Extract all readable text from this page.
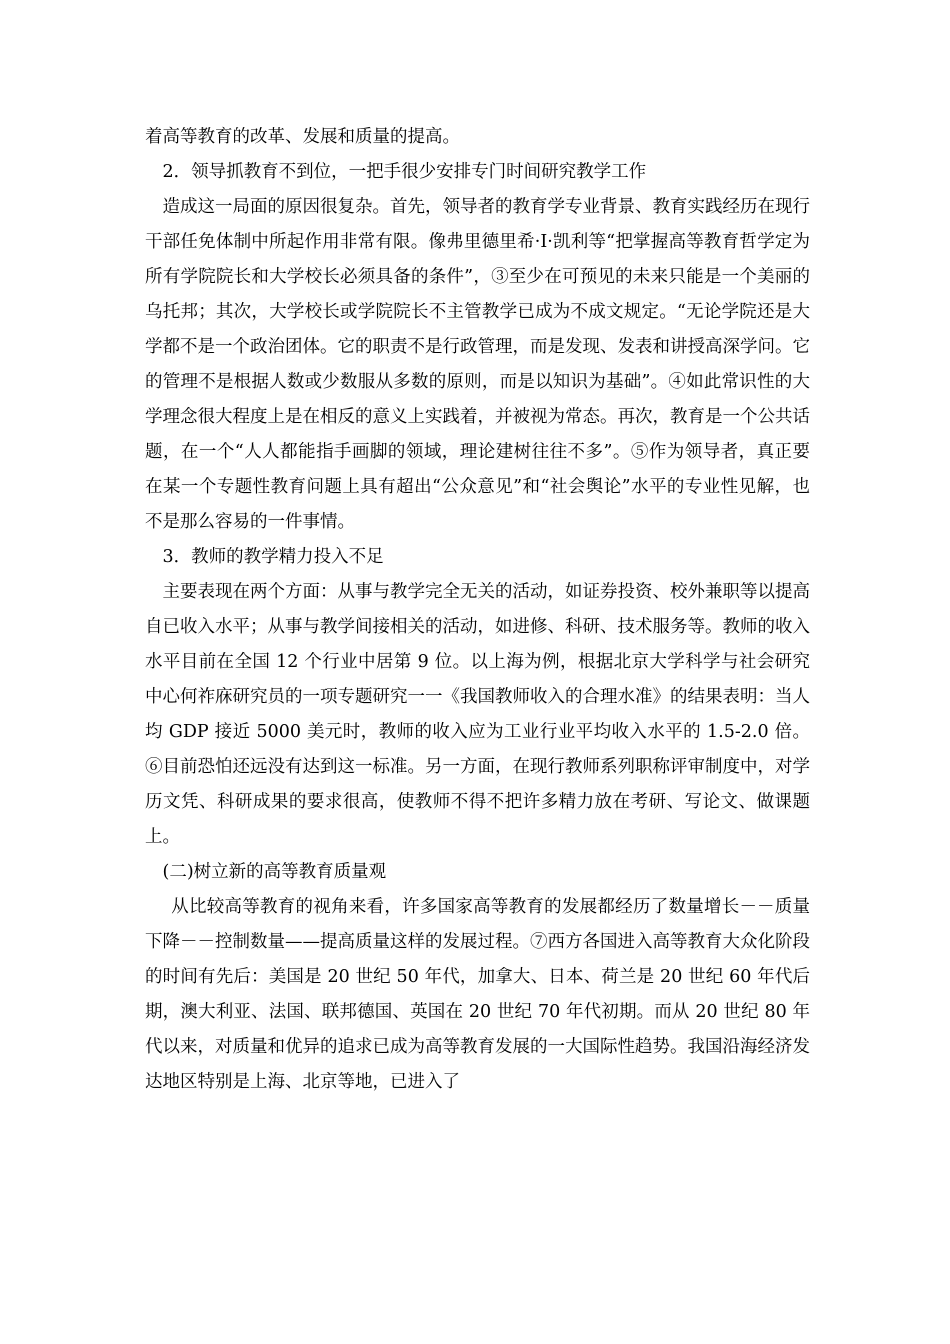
着高等教育的改革、发展和质量的提高。

2．领导抓教育不到位，一把手很少安排专门时间研究教学工作

造成这一局面的原因很复杂。首先，领导者的教育学专业背景、教育实践经历在现行干部任免体制中所起作用非常有限。像弗里德里希·I·凯利等“把掌握高等教育哲学定为所有学院院长和大学校长必须具备的条件”，③至少在可预见的未来只能是一个美丽的乌托邦；其次，大学校长或学院院长不主管教学已成为不成文规定。“无论学院还是大学都不是一个政治团体。它的职责不是行政管理，而是发现、发表和讲授高深学问。它的管理不是根据人数或少数服从多数的原则，而是以知识为基础”。④如此常识性的大学理念很大程度上是在相反的意义上实践着，并被视为常态。再次，教育是一个公共话题，在一个“人人都能指手画脚的领域，理论建树往往不多”。⑤作为领导者，真正要在某一个专题性教育问题上具有超出“公众意见”和“社会舆论”水平的专业性见解，也不是那么容易的一件事情。

3．教师的教学精力投入不足

主要表现在两个方面：从事与教学完全无关的活动，如证券投资、校外兼职等以提高自已收入水平；从事与教学间接相关的活动，如进修、科研、技术服务等。教师的收入水平目前在全国 12 个行业中居第 9 位。以上海为例，根据北京大学科学与社会研究中心何祚庥研究员的一项专题研究一一《我国教师收入的合理水准》的结果表明：当人均 GDP 接近 5000 美元时，教师的收入应为工业行业平均收入水平的 1.5-2.0 倍。⑥目前恐怕还远没有达到这一标准。另一方面，在现行教师系列职称评审制度中，对学历文凭、科研成果的要求很高，使教师不得不把许多精力放在考研、写论文、做课题上。

(二)树立新的高等教育质量观

从比较高等教育的视角来看，许多国家高等教育的发展都经历了数量增长－－质量下降－－控制数量——提高质量这样的发展过程。⑦西方各国进入高等教育大众化阶段的时间有先后：美国是 20 世纪 50 年代，加拿大、日本、荷兰是 20 世纪 60 年代后期，澳大利亚、法国、联邦德国、英国在 20 世纪 70 年代初期。而从 20 世纪 80 年代以来，对质量和优异的追求已成为高等教育发展的一大国际性趋势。我国沿海经济发达地区特别是上海、北京等地，已进入了
